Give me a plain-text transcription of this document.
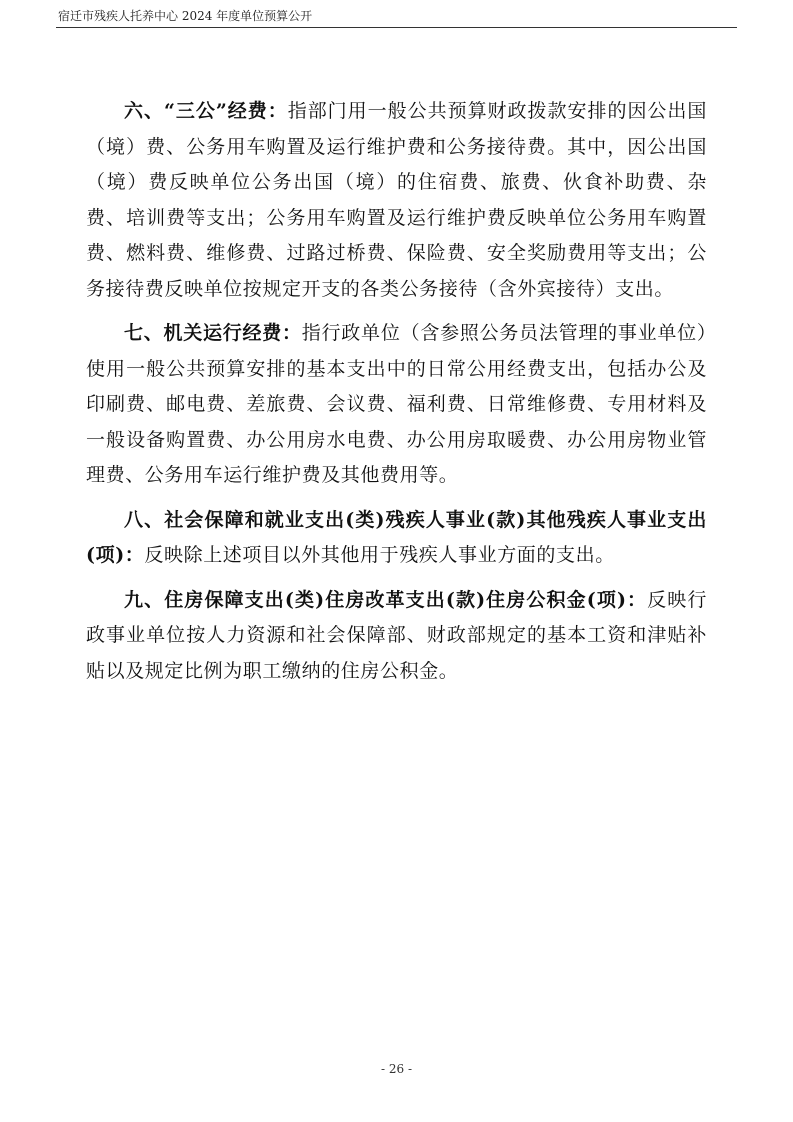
宿迁市残疾人托养中心 2024 年度单位预算公开

六、“三公”经费：指部门用一般公共预算财政拨款安排的因公出国（境）费、公务用车购置及运行维护费和公务接待费。其中，因公出国（境）费反映单位公务出国（境）的住宿费、旅费、伙食补助费、杂费、培训费等支出；公务用车购置及运行维护费反映单位公务用车购置费、燃料费、维修费、过路过桥费、保险费、安全奖励费用等支出；公务接待费反映单位按规定开支的各类公务接待（含外宾接待）支出。

七、机关运行经费：指行政单位（含参照公务员法管理的事业单位）使用一般公共预算安排的基本支出中的日常公用经费支出，包括办公及印刷费、邮电费、差旅费、会议费、福利费、日常维修费、专用材料及一般设备购置费、办公用房水电费、办公用房取暖费、办公用房物业管理费、公务用车运行维护费及其他费用等。

八、社会保障和就业支出(类)残疾人事业(款)其他残疾人事业支出(项)：反映除上述项目以外其他用于残疾人事业方面的支出。

九、住房保障支出(类)住房改革支出(款)住房公积金(项)：反映行政事业单位按人力资源和社会保障部、财政部规定的基本工资和津贴补贴以及规定比例为职工缴纳的住房公积金。

- 26 -
